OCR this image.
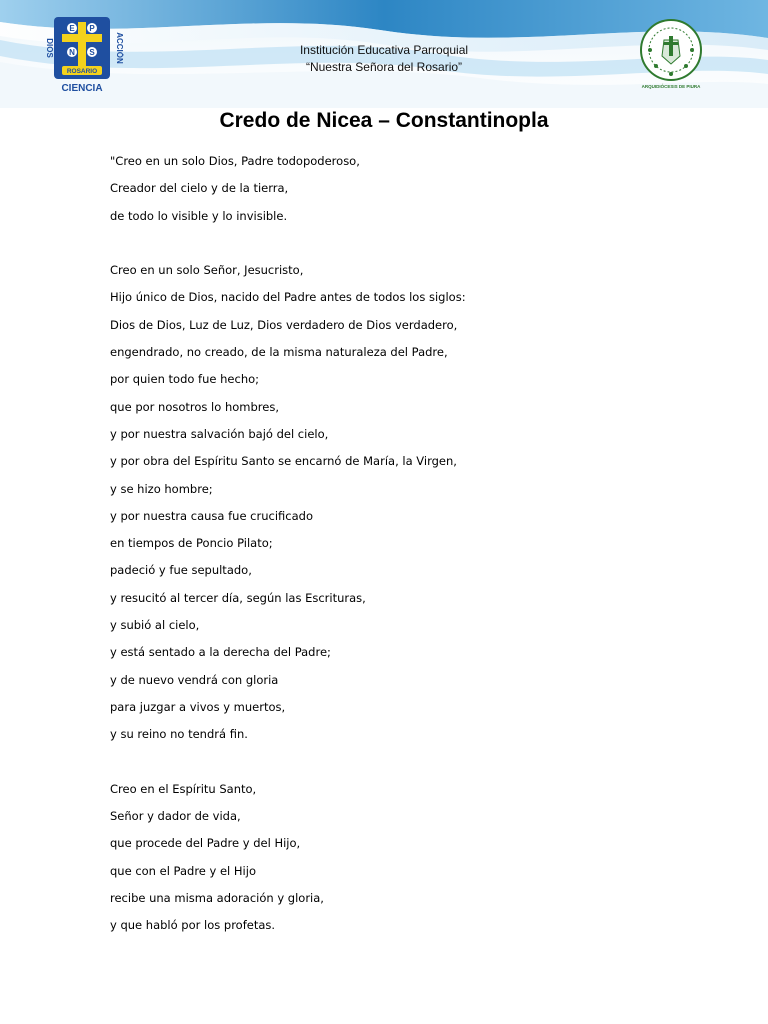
E P
N S
ROSARIO
DIOS	ACCIÓN
CIENCIA
Institución Educativa Parroquial
“Nuestra Señora del Rosario”
ARQUIDIÓCESIS DE PIURA
Credo de Nicea – Constantinopla
"Creo en un solo Dios, Padre todopoderoso,
Creador del cielo y de la tierra,
de todo lo visible y lo invisible.
Creo en un solo Señor, Jesucristo,
Hijo único de Dios, nacido del Padre antes de todos los siglos:
Dios de Dios, Luz de Luz, Dios verdadero de Dios verdadero,
engendrado, no creado, de la misma naturaleza del Padre,
por quien todo fue hecho;
que por nosotros lo hombres,
y por nuestra salvación bajó del cielo,
y por obra del Espíritu Santo se encarnó de María, la Virgen,
y se hizo hombre;
y por nuestra causa fue crucificado
en tiempos de Poncio Pilato;
padeció y fue sepultado,
y resucitó al tercer día, según las Escrituras,
y subió al cielo,
y está sentado a la derecha del Padre;
y de nuevo vendrá con gloria
para juzgar a vivos y muertos,
y su reino no tendrá fin.
Creo en el Espíritu Santo,
Señor y dador de vida,
que procede del Padre y del Hijo,
que con el Padre y el Hijo
recibe una misma adoración y gloria,
y que habló por los profetas.
